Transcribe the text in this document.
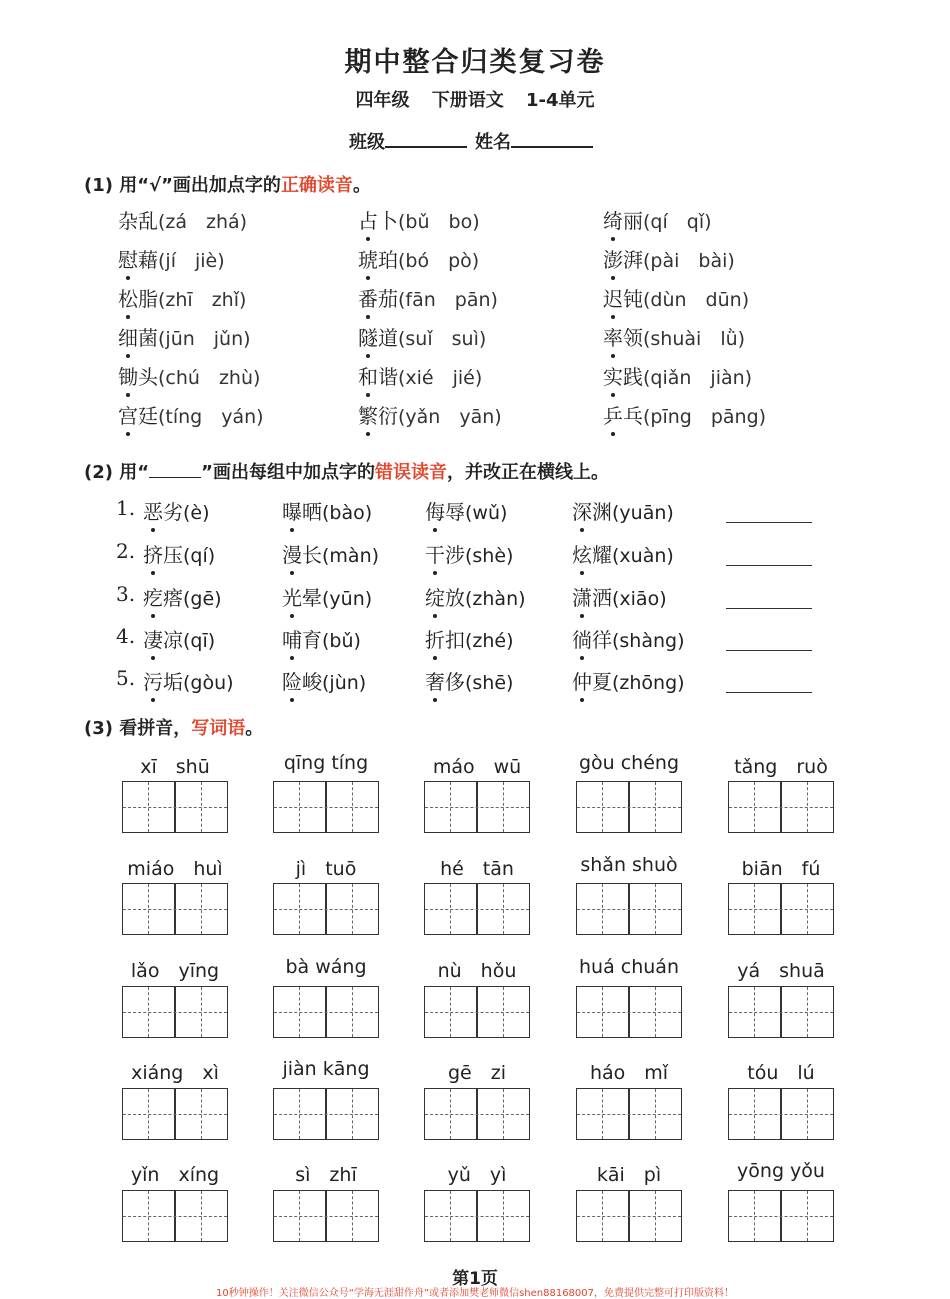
期中整合归类复习卷
四年级 下册语文 1-4单元
班级	姓名
(1) 用“√”画出加点字的正确读音。
杂乱(zá　zhá)	占卜(bǔ　bo)	绮丽(qí　qǐ)
慰藉(jí　jiè)	琥珀(bó　pò)	澎湃(pài　bài)
松脂(zhī　zhǐ)	番茄(fān　pān)	迟钝(dùn　dūn)
细菌(jūn　jǔn)	隧道(suǐ　suì)	率领(shuài　lǜ)
锄头(chú　zhù)	和谐(xié　jié)	实践(qiǎn　jiàn)
宫廷(tíng　yán)	繁衍(yǎn　yān)	乒乓(pīng　pāng)
(2) 用“	”画出每组中加点字的错误读音，并改正在横线上。
1. 恶劣(è)	曝晒(bào)	侮辱(wǔ)	深渊(yuān)
2. 挤压(qí)	漫长(màn) 干涉(shè)	炫耀(xuàn)
3. 疙瘩(gē)	光晕(yūn)	绽放(zhàn) 潇洒(xiāo)
4. 凄凉(qī)	哺育(bǔ)	折扣(zhé)	徜徉(shàng)
5. 污垢(gòu) 险峻(jùn)	奢侈(shē)	仲夏(zhōng)
(3) 看拼音，写词语。
xī　shū	qīng tíng	máo　wū	gòu chéng	tǎng　ruò
miáo　huì	jì　tuō	hé　tān	shǎn shuò	biān　fú
lǎo　yīng	bà wáng	nù　hǒu	huá chuán	yá　shuā
xiáng　xì	jiàn kāng	gē　zi	háo　mǐ	tóu　lú
yǐn　xíng	sì　zhī	yǔ　yì	kāi　pì	yōng yǒu
第1页
10秒钟操作！关注微信公众号“学海无涯甜作舟”或者添加樊老师微信shen88168007，免费提供完整可打印版资料！
